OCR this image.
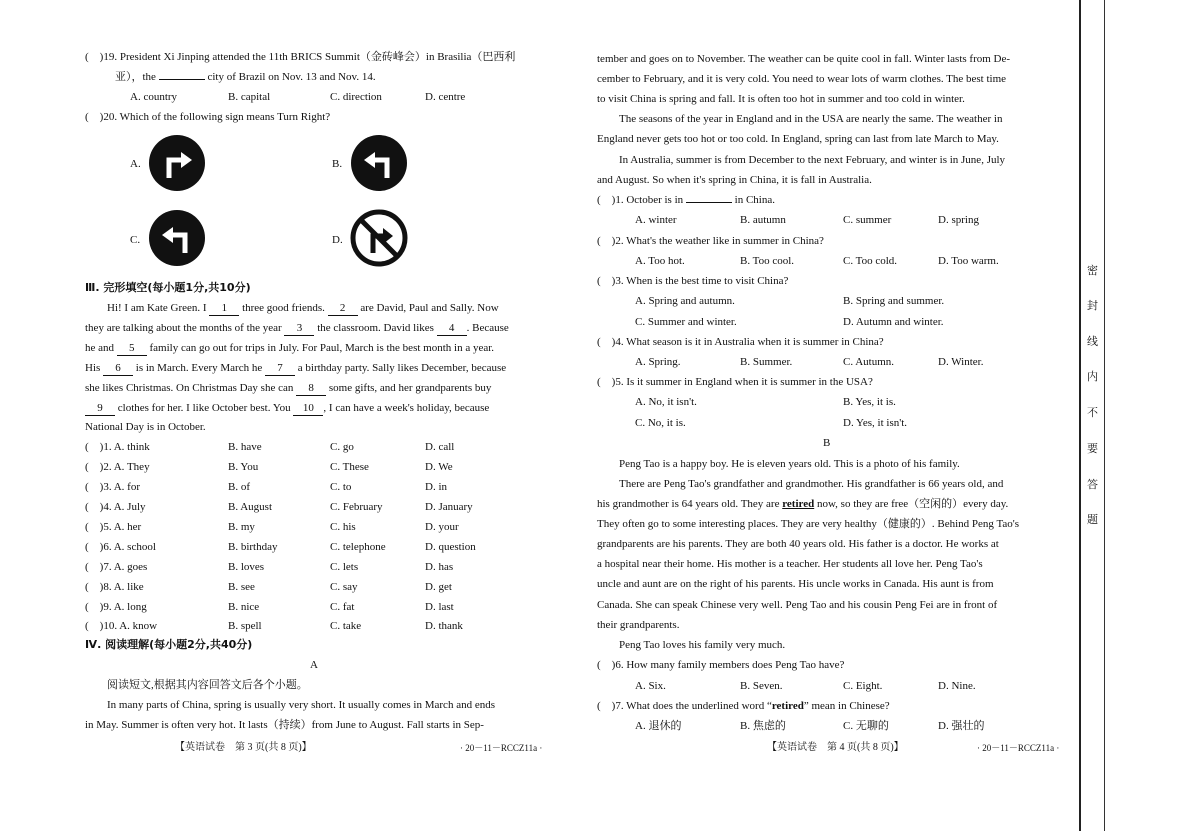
(　)19. President Xi Jinping attended the 11th BRICS Summit（金砖峰会）in Brasilia（巴西利
亚），the	city of Brazil on Nov. 13 and Nov. 14.
A. country	B. capital	C. direction	D. centre
(　)20. Which of the following sign means Turn Right?
A.	B.
C.	D.
Ⅲ. 完形填空(每小题1分,共10分)
Hi! I am Kate Green. I 1 three good friends. 2 are David, Paul and Sally. Now
they are talking about the months of the year 3 the classroom. David likes 4 . Because
he and 5 family can go out for trips in July. For Paul, March is the best month in a year.
His 6 is in March. Every March he 7 a birthday party. Sally likes December, because
she likes Christmas. On Christmas Day she can 8 some gifts, and her grandparents buy
9 clothes for her. I like October best. You 10 , I can have a week's holiday, because
National Day is in October.
(　)1. A. think	B. have	C. go	D. call
(　)2. A. They	B. You	C. These	D. We
(　)3. A. for	B. of	C. to	D. in
(　)4. A. July	B. August	C. February	D. January
(　)5. A. her	B. my	C. his	D. your
(　)6. A. school	B. birthday	C. telephone	D. question
(　)7. A. goes	B. loves	C. lets	D. has
(　)8. A. like	B. see	C. say	D. get
(　)9. A. long	B. nice	C. fat	D. last
(　)10. A. know	B. spell	C. take	D. thank
Ⅳ. 阅读理解(每小题2分,共40分)
A
阅读短文,根据其内容回答文后各个小题。
In many parts of China, spring is usually very short. It usually comes in March and ends
in May. Summer is often very hot. It lasts（持续）from June to August. Fall starts in Sep-
【英语试卷　第 3 页(共 8 页)】	· 20－11－RCCZ11a ·
tember and goes on to November. The weather can be quite cool in fall. Winter lasts from De-
cember to February, and it is very cold. You need to wear lots of warm clothes. The best time
to visit China is spring and fall. It is often too hot in summer and too cold in winter.
The seasons of the year in England and in the USA are nearly the same. The weather in
England never gets too hot or too cold. In England, spring can last from late March to May.
In Australia, summer is from December to the next February, and winter is in June, July
and August. So when it's spring in China, it is fall in Australia.
(　)1. October is in	in China.
A. winter	B. autumn	C. summer	D. spring
(　)2. What's the weather like in summer in China?
A. Too hot.	B. Too cool.	C. Too cold.	D. Too warm.
(　)3. When is the best time to visit China?
A. Spring and autumn.	B. Spring and summer.
C. Summer and winter.	D. Autumn and winter.
(　)4. What season is it in Australia when it is summer in China?
A. Spring.	B. Summer.	C. Autumn.	D. Winter.
(　)5. Is it summer in England when it is summer in the USA?
A. No, it isn't.	B. Yes, it is.
C. No, it is.	D. Yes, it isn't.
B
Peng Tao is a happy boy. He is eleven years old. This is a photo of his family.
There are Peng Tao's grandfather and grandmother. His grandfather is 66 years old, and
his grandmother is 64 years old. They are retired now, so they are free（空闲的）every day.
They often go to some interesting places. They are very healthy（健康的）. Behind Peng Tao's
grandparents are his parents. They are both 40 years old. His father is a doctor. He works at
a hospital near their home. His mother is a teacher. Her students all love her. Peng Tao's
uncle and aunt are on the right of his parents. His uncle works in Canada. His aunt is from
Canada. She can speak Chinese very well. Peng Tao and his cousin Peng Fei are in front of
their grandparents.
Peng Tao loves his family very much.
(　)6. How many family members does Peng Tao have?
A. Six.	B. Seven.	C. Eight.	D. Nine.
(　)7. What does the underlined word “retired” mean in Chinese?
A. 退休的	B. 焦虑的	C. 无聊的	D. 强壮的
【英语试卷　第 4 页(共 8 页)】	· 20－11－RCCZ11a ·
密
封
线
内
不
要
答
题
